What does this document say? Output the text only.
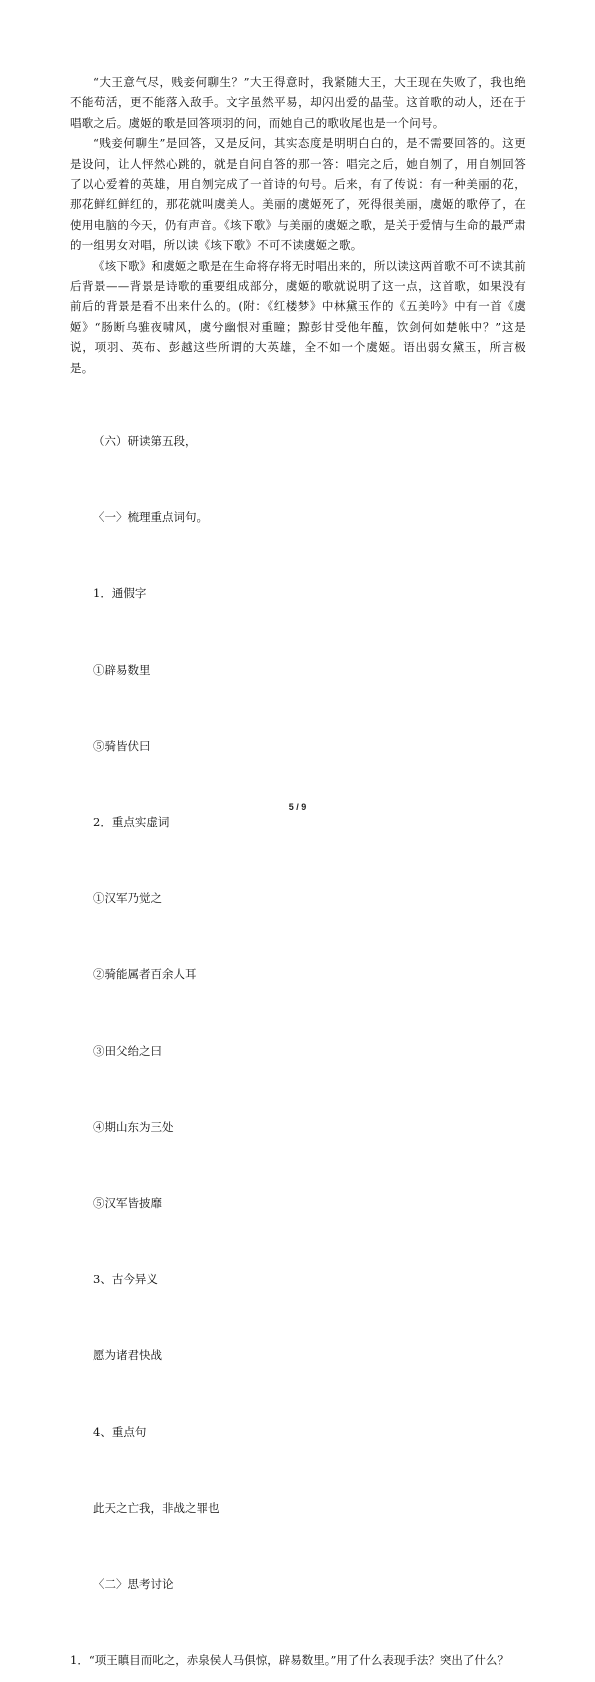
“大王意气尽，贱妾何聊生？”大王得意时，我紧随大王，大王现在失败了，我也绝不能苟活，更不能落入敌手。文字虽然平易，却闪出爱的晶莹。这首歌的动人，还在于唱歌之后。虞姬的歌是回答项羽的问，而她自己的歌收尾也是一个问号。

“贱妾何聊生”是回答，又是反问，其实态度是明明白白的，是不需要回答的。这更是设问，让人怦然心跳的，就是自问自答的那一答：唱完之后，她自刎了，用自刎回答了以心爱着的英雄，用自刎完成了一首诗的句号。后来，有了传说：有一种美丽的花，那花鲜红鲜红的，那花就叫虞美人。美丽的虞姬死了，死得很美丽，虞姬的歌停了，在使用电脑的今天，仍有声音。《垓下歌》与美丽的虞姬之歌，是关于爱情与生命的最严肃的一组男女对唱，所以读《垓下歌》不可不读虞姬之歌。

《垓下歌》和虞姬之歌是在生命将存将无时唱出来的，所以读这两首歌不可不读其前后背景——背景是诗歌的重要组成部分，虞姬的歌就说明了这一点，这首歌，如果没有前后的背景是看不出来什么的。(附：《红楼梦》中林黛玉作的《五美吟》中有一首《虞姬》“肠断乌骓夜啸风，虞兮幽恨对重瞳；黥彭甘受他年醢，饮剑何如楚帐中？”这是说，项羽、英布、彭越这些所谓的大英雄，全不如一个虞姬。语出弱女黛玉，所言极是。

（六）研读第五段，

〈一〉梳理重点词句。

1．通假字

①辟易数里

⑤骑皆伏曰

2．重点实虚词

①汉军乃觉之

②骑能属者百余人耳

③田父绐之曰

④期山东为三处

⑤汉军皆披靡

3、古今异义

愿为诸君快战

4、重点句

此天之亡我，非战之罪也

〈二〉思考讨论

1．“项王瞋目而叱之，赤泉侯人马俱惊，辟易数里。”用了什么表现手法？突出了什么？

5 / 9
